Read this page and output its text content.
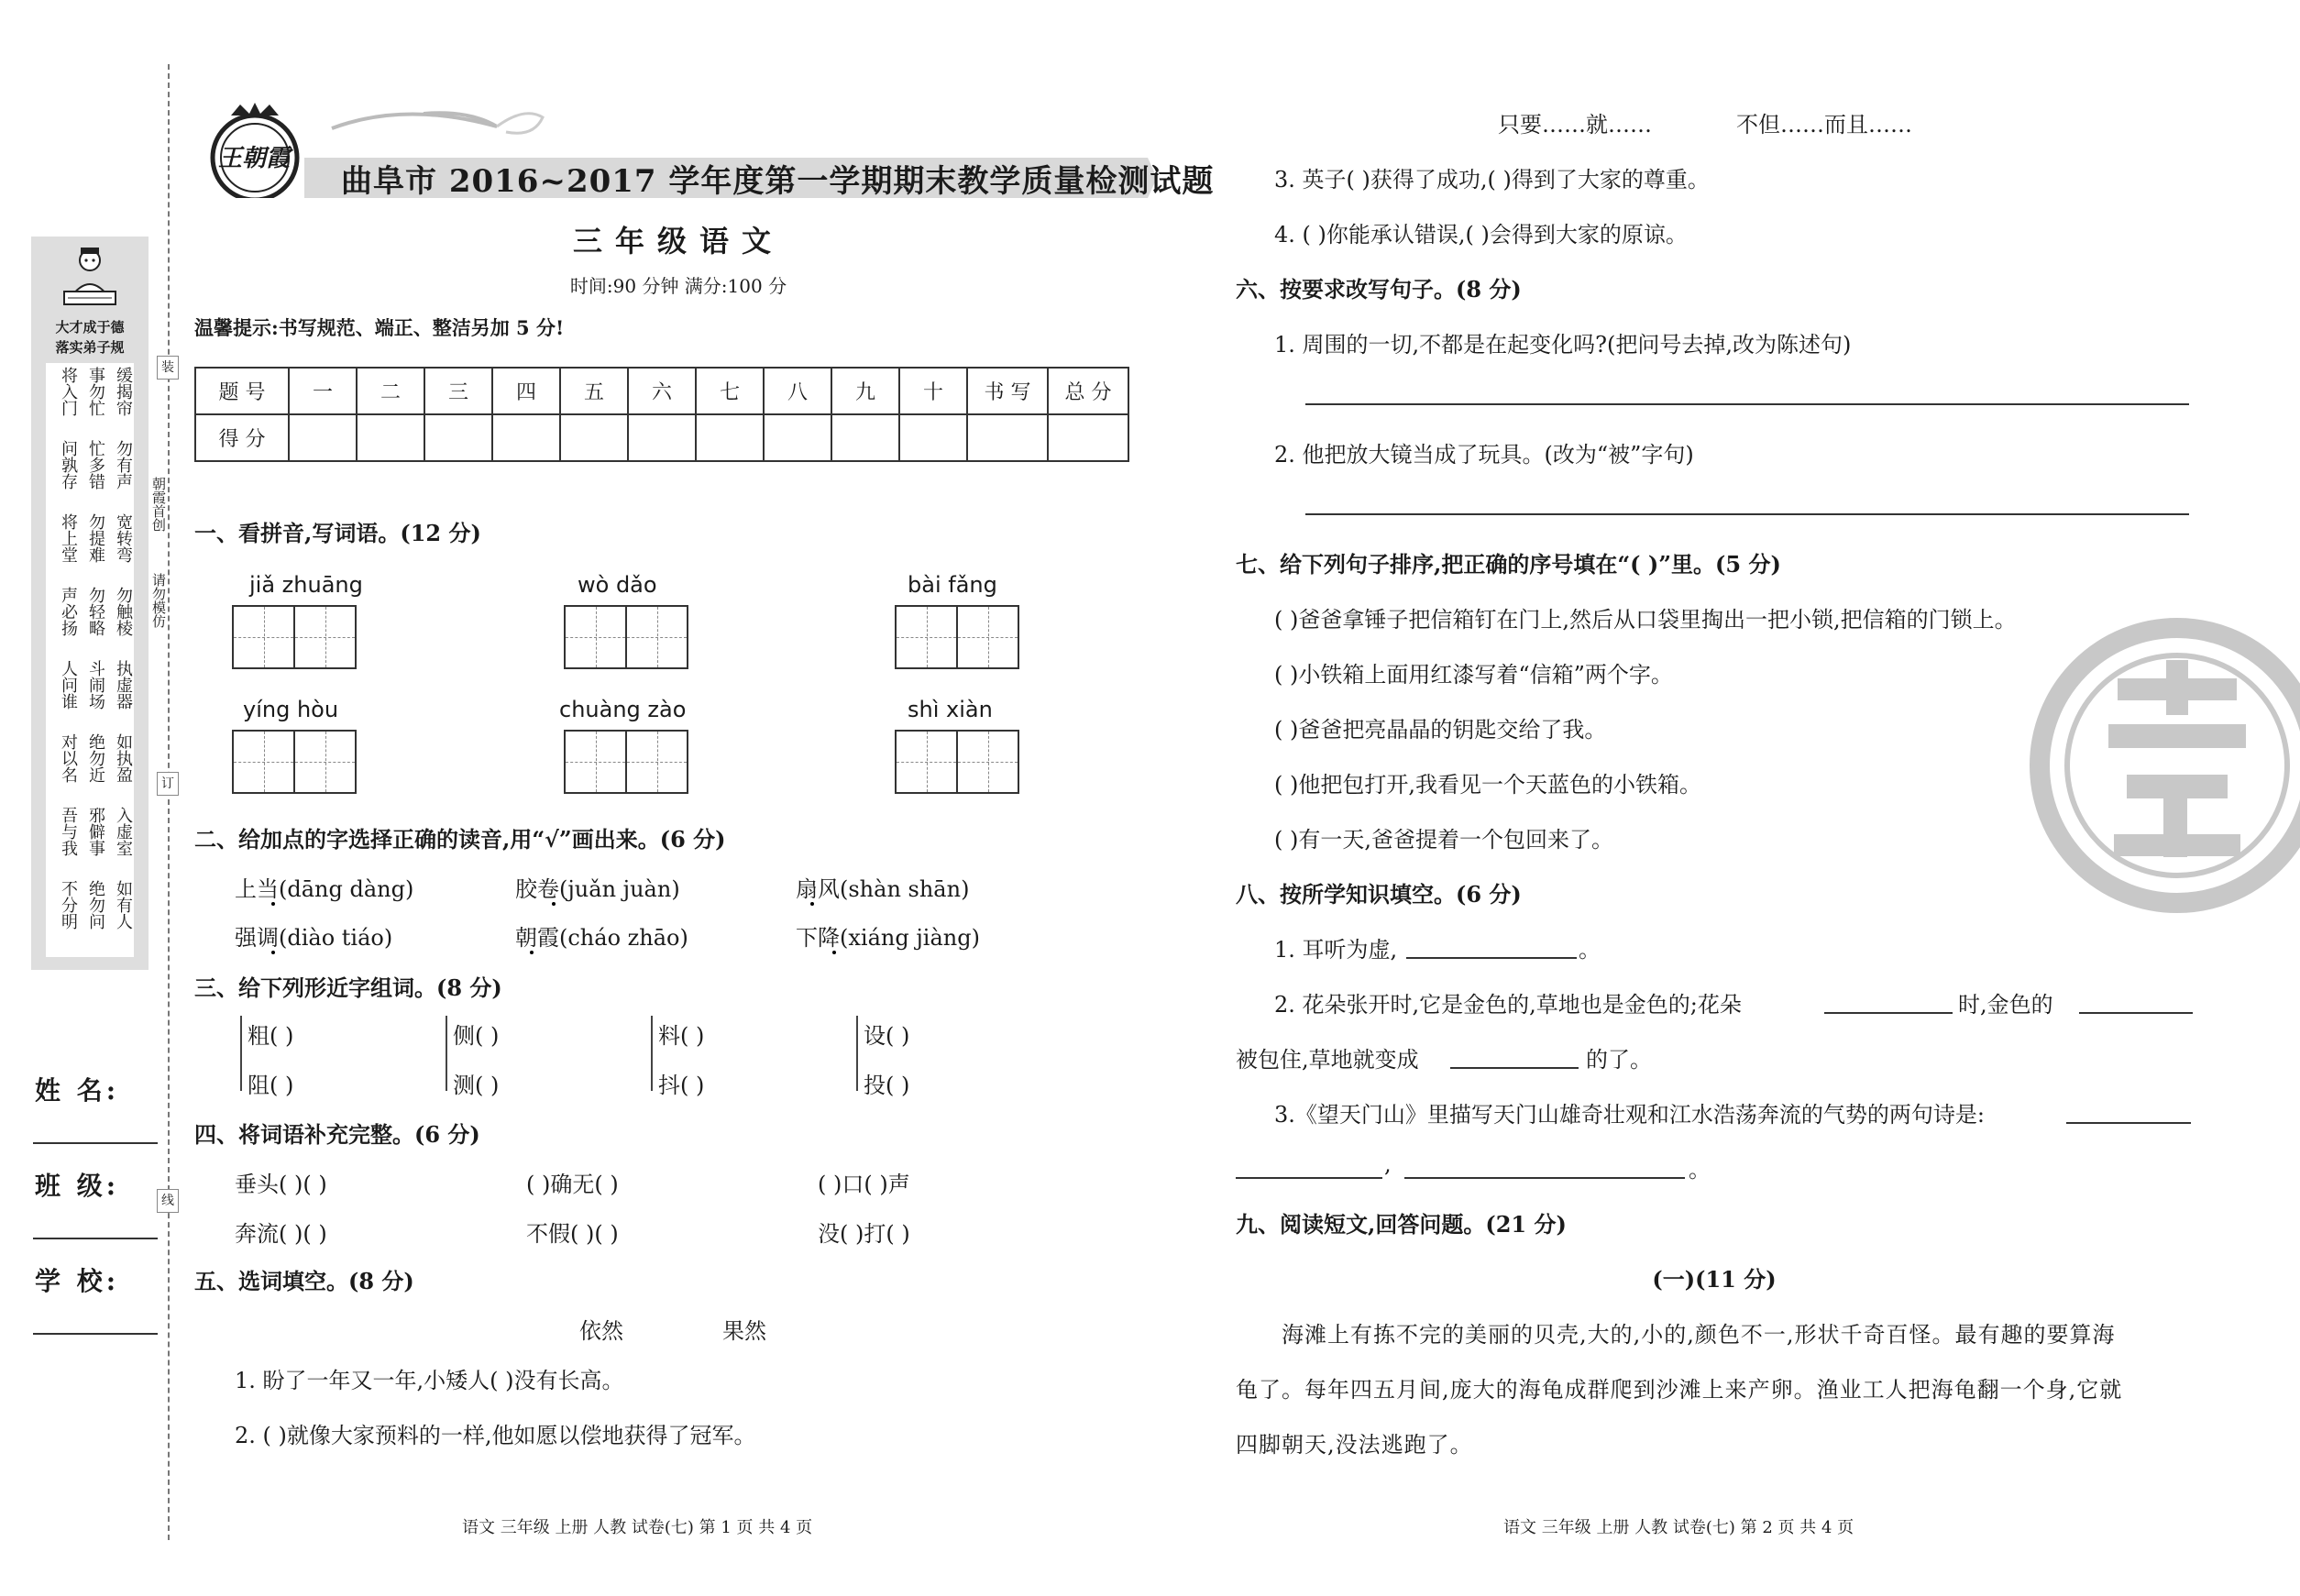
装
订
线
朝霞首创
请勿模仿
大才成于德
落实弟子规
缓揭帘
事勿忙
将入门
勿有声
忙多错
问孰存
宽转弯
勿提难
将上堂
勿触棱
勿轻略
声必扬
执虚器
斗闹场
人问谁
如执盈
绝勿近
对以名
入虚室
邪僻事
吾与我
如有人
绝勿问
不分明
姓 名:
班 级:
学 校:
王朝霞
曲阜市 2016~2017 学年度第一学期期末教学质量检测试题
三年级语文
时间:90 分钟 满分:100 分
温馨提示:书写规范、端正、整洁另加 5 分!
题 号	一	二	三	四	五	六	七	八	九	十	书 写	总 分
得 分												
一、看拼音,写词语。(12 分)
jiǎ zhuāng	wò dǎo	bài fǎng
yíng hòu	chuàng zào	shì xiàn
二、给加点的字选择正确的读音,用“√”画出来。(6 分)
上当(dāng dàng)	胶卷(juǎn juàn)	扇风(shàn shān)
强调(diào tiáo)	朝霞(cháo zhāo)	下降(xiáng jiàng)
三、给下列形近字组词。(8 分)
粗( )	侧( )	料( )	设( )
阻( )	测( )	抖( )	投( )
四、将词语补充完整。(6 分)
垂头( )( )	( )确无( )	( )口( )声
奔流( )( )	不假( )( )	没( )打( )
五、选词填空。(8 分)
依然	果然
1. 盼了一年又一年,小矮人( )没有长高。
2. ( )就像大家预料的一样,他如愿以偿地获得了冠军。
只要……就……	不但……而且……
3. 英子( )获得了成功,( )得到了大家的尊重。
4. ( )你能承认错误,( )会得到大家的原谅。
六、按要求改写句子。(8 分)
1. 周围的一切,不都是在起变化吗?(把问号去掉,改为陈述句)
2. 他把放大镜当成了玩具。(改为“被”字句)
七、给下列句子排序,把正确的序号填在“( )”里。(5 分)
( )爸爸拿锤子把信箱钉在门上,然后从口袋里掏出一把小锁,把信箱的门锁上。
( )小铁箱上面用红漆写着“信箱”两个字。
( )爸爸把亮晶晶的钥匙交给了我。
( )他把包打开,我看见一个天蓝色的小铁箱。
( )有一天,爸爸提着一个包回来了。
八、按所学知识填空。(6 分)
1. 耳听为虚,	。
2. 花朵张开时,它是金色的,草地也是金色的;花朵	时,金色的
被包住,草地就变成	的了。
3.《望天门山》里描写天门山雄奇壮观和江水浩荡奔流的气势的两句诗是:
,	。
九、阅读短文,回答问题。(21 分)
(一)(11 分)
海滩上有拣不完的美丽的贝壳,大的,小的,颜色不一,形状千奇百怪。最有趣的要算海
龟了。每年四五月间,庞大的海龟成群爬到沙滩上来产卵。渔业工人把海龟翻一个身,它就
四脚朝天,没法逃跑了。
语文 三年级 上册 人教 试卷(七) 第 1 页 共 4 页	语文 三年级 上册 人教 试卷(七) 第 2 页 共 4 页
